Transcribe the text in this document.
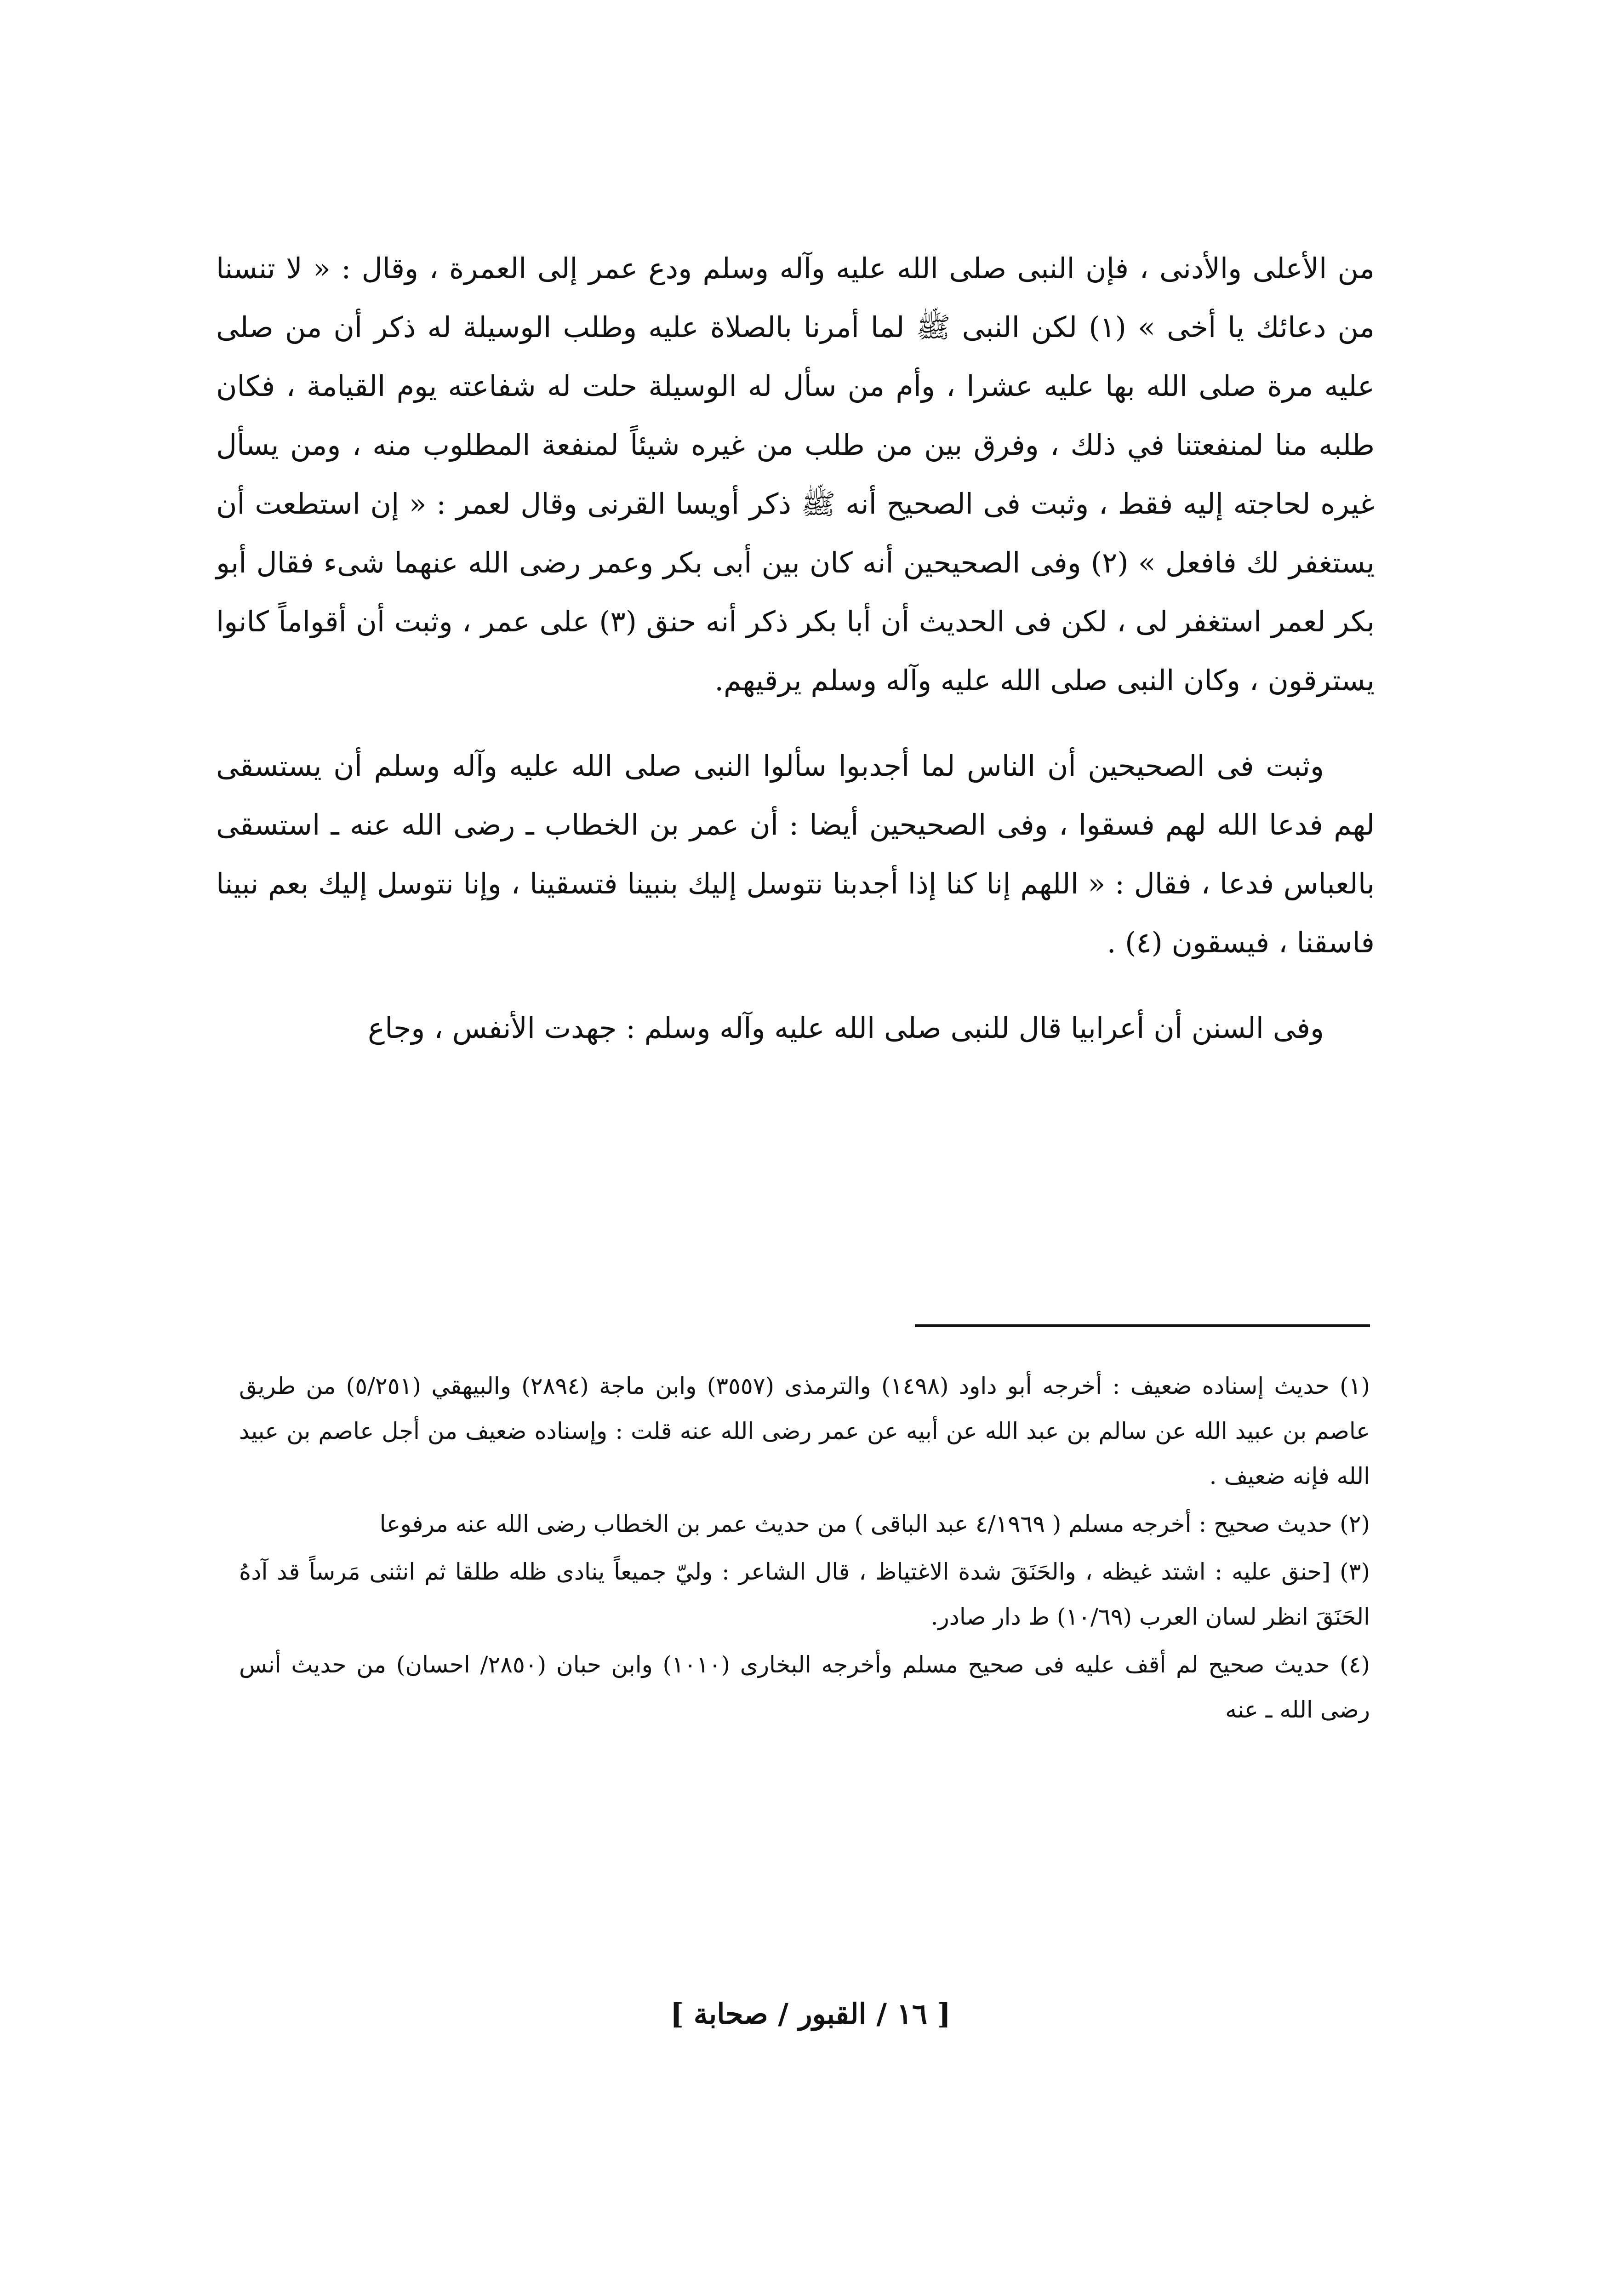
من الأعلى والأدنى ، فإن النبى صلى الله عليه وآله وسلم ودع عمر إلى العمرة ، وقال : « لا تنسنا من دعائك يا أخى » (١) لكن النبى ﷺ لما أمرنا بالصلاة عليه وطلب الوسيلة له ذكر أن من صلى عليه مرة صلى الله بها عليه عشرا ، وأم من سأل له الوسيلة حلت له شفاعته يوم القيامة ، فكان طلبه منا لمنفعتنا في ذلك ، وفرق بين من طلب من غيره شيئاً لمنفعة المطلوب منه ، ومن يسأل غيره لحاجته إليه فقط ، وثبت فى الصحيح أنه ﷺ ذكر أويسا القرنى وقال لعمر : « إن استطعت أن يستغفر لك فافعل » (٢) وفى الصحيحين أنه كان بين أبى بكر وعمر رضى الله عنهما شىء فقال أبو بكر لعمر استغفر لى ، لكن فى الحديث أن أبا بكر ذكر أنه حنق (٣) على عمر ، وثبت أن أقواماً كانوا يسترقون ، وكان النبى صلى الله عليه وآله وسلم يرقيهم.

وثبت فى الصحيحين أن الناس لما أجدبوا سألوا النبى صلى الله عليه وآله وسلم أن يستسقى لهم فدعا الله لهم فسقوا ، وفى الصحيحين أيضا : أن عمر بن الخطاب ـ رضى الله عنه ـ استسقى بالعباس فدعا ، فقال : « اللهم إنا كنا إذا أجدبنا نتوسل إليك بنبينا فتسقينا ، وإنا نتوسل إليك بعم نبينا فاسقنا ، فيسقون (٤) .

وفى السنن أن أعرابيا قال للنبى صلى الله عليه وآله وسلم : جهدت الأنفس ، وجاع

(١) حديث إسناده ضعيف : أخرجه أبو داود (١٤٩٨) والترمذى (٣٥٥٧) وابن ماجة (٢٨٩٤) والبيهقي (٥/٢٥١) من طريق عاصم بن عبيد الله عن سالم بن عبد الله عن أبيه عن عمر رضى الله عنه قلت : وإسناده ضعيف من أجل عاصم بن عبيد الله فإنه ضعيف .

(٢) حديث صحيح : أخرجه مسلم ( ٤/١٩٦٩ عبد الباقى ) من حديث عمر بن الخطاب رضى الله عنه مرفوعا

(٣) [حنق عليه : اشتد غيظه ، والحَنَقَ شدة الاغتياظ ، قال الشاعر : وليّ جميعاً ينادى ظله طلقا ثم انثنى مَرساً قد آدهُ الحَنَقَ انظر لسان العرب (١٠/٦٩) ط دار صادر.

(٤) حديث صحيح لم أقف عليه فى صحيح مسلم وأخرجه البخارى (١٠١٠) وابن حبان (٢٨٥٠/ احسان) من حديث أنس رضى الله ـ عنه

[ ١٦ / القبور / صحابة ]
